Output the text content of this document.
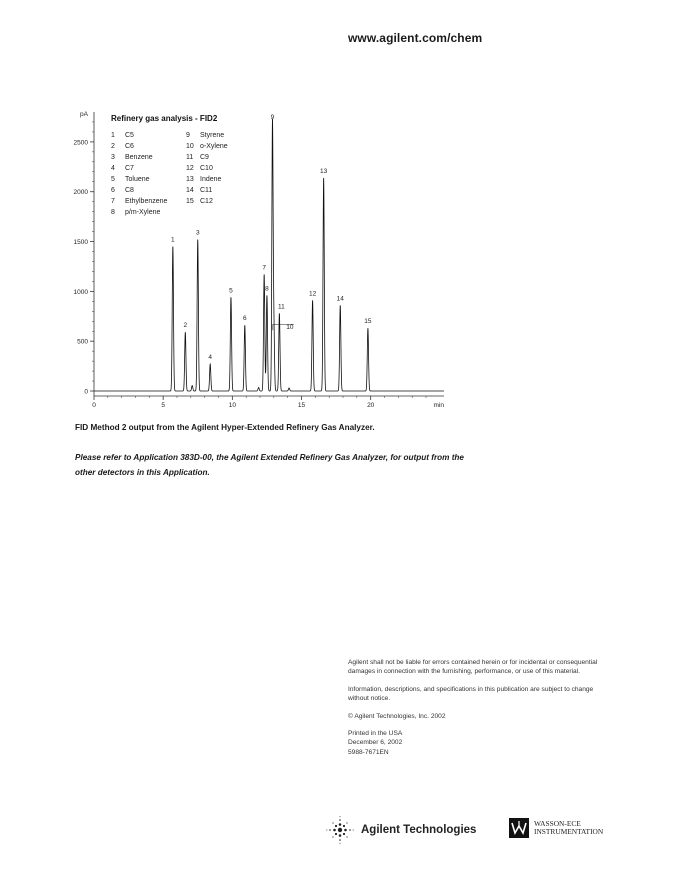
www.agilent.com/chem
0
500
1000
1500
2000
2500
pA
0	5	10	15	20	min
1
2
3
4
5
6
7
8
9
10
11
12
13
14
15
Refinery gas analysis - FID2
1 C5
2 C6
3 Benzene
4 C7
5 Toluene
6 C8
7 Ethylbenzene
8 p/m-Xylene
9 Styrene
10 o-Xylene
11 C9
12 C10
13 Indene
14 C11
15 C12
FID Method 2 output from the Agilent Hyper-Extended Refinery Gas Analyzer.
Please refer to Application 383D-00, the Agilent Extended Refinery Gas Analyzer, for output from the other detectors in this Application.

Agilent shall not be liable for errors contained herein or for incidental or consequential damages in connection with the furnishing, performance, or use of this material.

Information, descriptions, and specifications in this publication are subject to change without notice.

© Agilent Technologies, Inc. 2002

Printed in the USA
December 6, 2002
5988-7671EN

Agilent Technologies
WASSON-ECE
INSTRUMENTATION
